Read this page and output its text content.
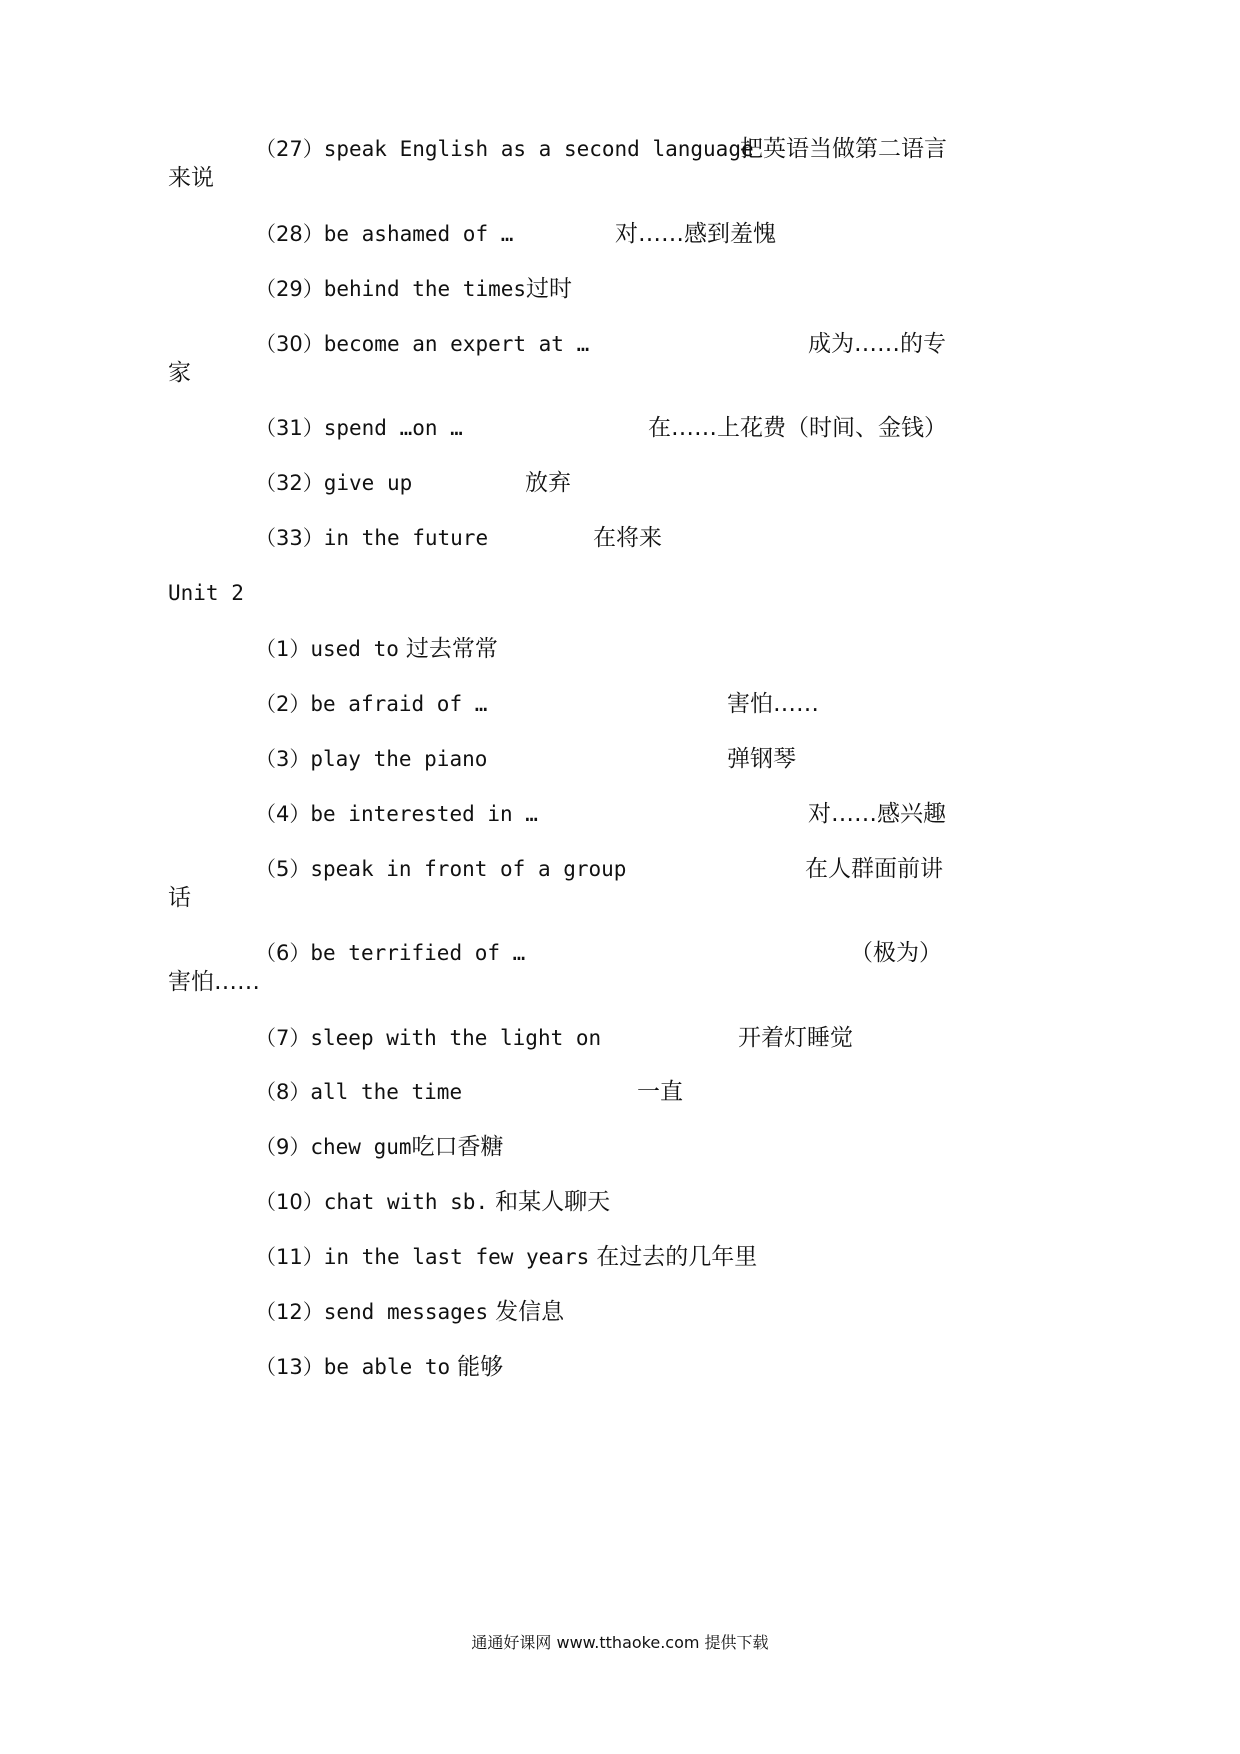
（27）speak English as a second language
把英语当做第二语言
来说
（28）be ashamed of …	对……感到羞愧
（29）behind the times过时
（30）become an expert at …	成为……的专
家
（31）spend …on …	在……上花费（时间、金钱）
（32）give up	放弃
（33）in the future	在将来
Unit 2
（1）used to 过去常常
（2）be afraid of …	害怕……
（3）play the piano	弹钢琴
（4）be interested in …	对……感兴趣
（5）speak in front of a group	在人群面前讲
话
（6）be terrified of …	（极为）
害怕……
（7）sleep with the light on	开着灯睡觉
（8）all the time	一直
（9）chew gum吃口香糖
（10）chat with sb. 和某人聊天
（11）in the last few years 在过去的几年里
（12）send messages 发信息
（13）be able to 能够
通通好课网 www.tthaoke.com 提供下载
